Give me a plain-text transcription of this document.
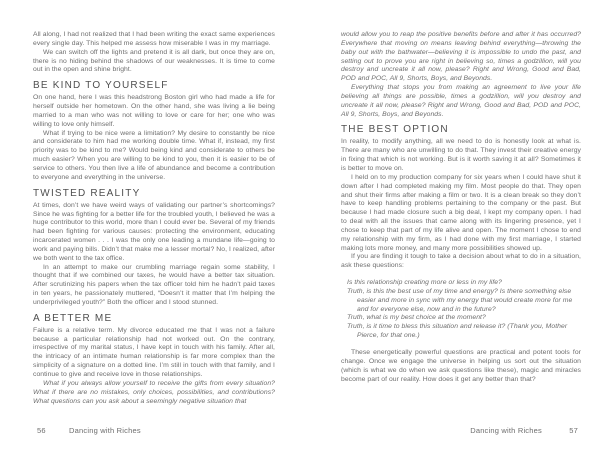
All along, I had not realized that I had been writing the exact same experiences every single day. This helped me assess how miserable I was in my marriage.

We can switch off the lights and pretend it is all dark, but once they are on, there is no hiding behind the shadows of our weaknesses. It is time to come out in the open and shine bright.

BE KIND TO YOURSELF

On one hand, here I was this headstrong Boston girl who had made a life for herself outside her hometown. On the other hand, she was living a lie being married to a man who was not willing to love or care for her; one who was willing to love only himself.

What if trying to be nice were a limitation? My desire to constantly be nice and considerate to him had me working double time. What if, instead, my first priority was to be kind to me? Would being kind and considerate to others be much easier? When you are willing to be kind to you, then it is easier to be of service to others. You then live a life of abundance and become a contribution to everyone and everything in the universe.

TWISTED REALITY

At times, don’t we have weird ways of validating our partner’s shortcomings? Since he was fighting for a better life for the troubled youth, I believed he was a huge contributor to this world, more than I could ever be. Several of my friends had been fighting for various causes: protecting the environment, educating incarcerated women . . . I was the only one leading a mundane life—going to work and paying bills. Didn’t that make me a lesser mortal? No, I realized, after we both went to the tax office.

In an attempt to make our crumbling marriage regain some stability, I thought that if we combined our taxes, he would have a better tax situation. After scrutinizing his papers when the tax officer told him he hadn’t paid taxes in ten years, he passionately muttered, “Doesn’t it matter that I’m helping the underprivileged youth?” Both the officer and I stood stunned.

A BETTER ME

Failure is a relative term. My divorce educated me that I was not a failure because a particular relationship had not worked out. On the contrary, irrespective of my marital status, I have kept in touch with his family. After all, the intricacy of an intimate human relationship is far more complex than the simplicity of a signature on a dotted line. I’m still in touch with that family, and I continue to give and receive love in those relationships.

What if you always allow yourself to receive the gifts from every situation? What if there are no mistakes, only choices, possibilities, and contributions? What questions can you ask about a seemingly negative situation that

would allow you to reap the positive benefits before and after it has occurred? Everywhere that moving on means leaving behind everything—throwing the baby out with the bathwater—believing it is impossible to undo the past, and setting out to prove you are right in believing so, times a godzillion, will you destroy and uncreate it all now, please? Right and Wrong, Good and Bad, POD and POC, All 9, Shorts, Boys, and Beyonds.

Everything that stops you from making an agreement to live your life believing all things are possible, times a godzillion, will you destroy and uncreate it all now, please? Right and Wrong, Good and Bad, POD and POC, All 9, Shorts, Boys, and Beyonds.

THE BEST OPTION

In reality, to modify anything, all we need to do is honestly look at what is. There are many who are unwilling to do that. They invest their creative energy in fixing that which is not working. But is it worth saving it at all? Sometimes it is better to move on.

I held on to my production company for six years when I could have shut it down after I had completed making my film. Most people do that. They open and shut their firms after making a film or two. It is a clean break so they don’t have to keep handling problems pertaining to the company or the past. But because I had made closure such a big deal, I kept my company open. I had to deal with all the issues that came along with its lingering presence, yet I chose to keep that part of my life alive and open. The moment I chose to end my relationship with my firm, as I had done with my first marriage, I started making lots more money, and many more possibilities showed up.

If you are finding it tough to take a decision about what to do in a situation, ask these questions:

Is this relationship creating more or less in my life?
Truth, is this the best use of my time and energy? Is there something else easier and more in sync with my energy that would create more for me and for everyone else, now and in the future?
Truth, what is my best choice at the moment?
Truth, is it time to bless this situation and release it? (Thank you, Mother Pierce, for that one.)

These energetically powerful questions are practical and potent tools for change. Once we engage the universe in helping us sort out the situation (which is what we do when we ask questions like these), magic and miracles become part of our reality. How does it get any better than that?

56	Dancing with Riches	Dancing with Riches	57
